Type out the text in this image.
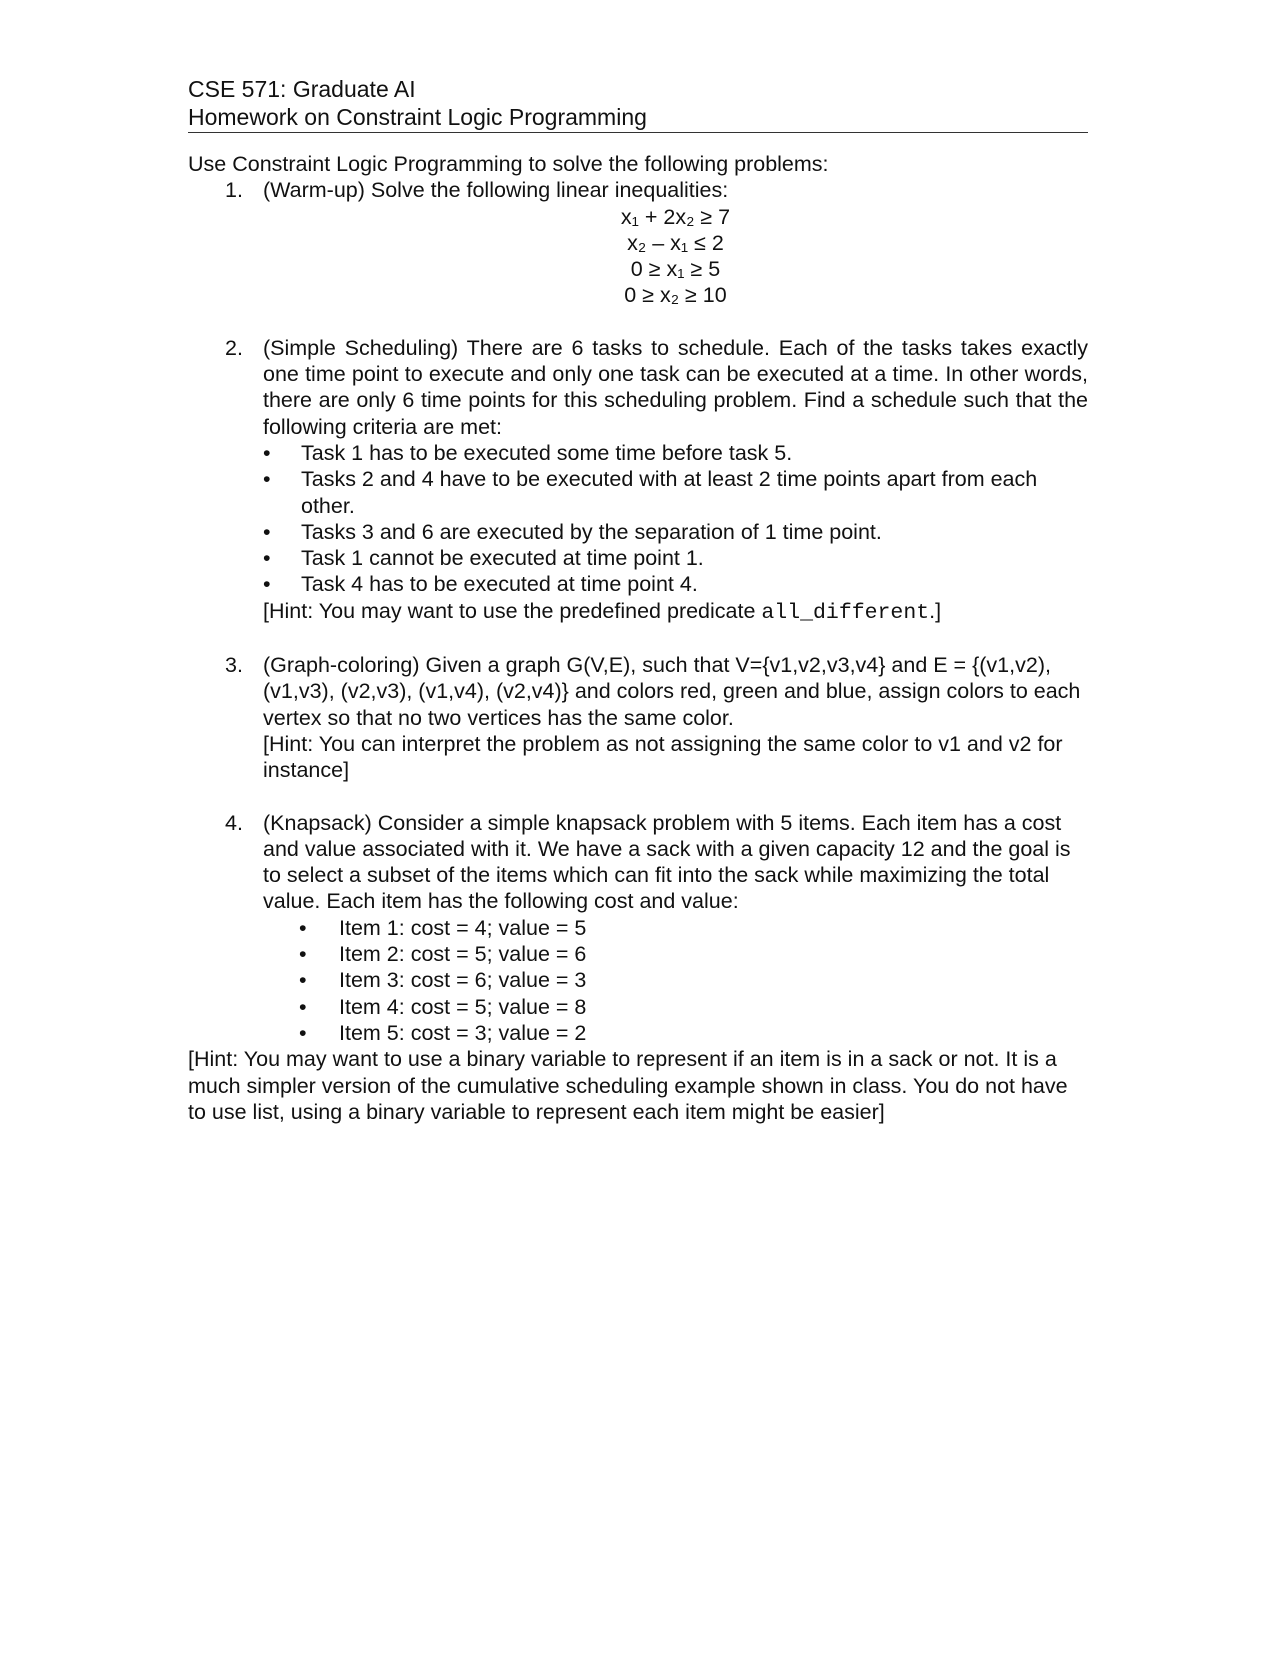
CSE 571: Graduate AI
Homework on Constraint Logic Programming
Use Constraint Logic Programming to solve the following problems:
1. (Warm-up) Solve the following linear inequalities:
x₁ + 2x₂ ≥ 7
x₂ – x₁ ≤ 2
0 ≥ x₁ ≥ 5
0 ≥ x₂ ≥ 10
2. (Simple Scheduling) There are 6 tasks to schedule. Each of the tasks takes exactly one time point to execute and only one task can be executed at a time. In other words, there are only 6 time points for this scheduling problem. Find a schedule such that the following criteria are met:
• Task 1 has to be executed some time before task 5.
• Tasks 2 and 4 have to be executed with at least 2 time points apart from each other.
• Tasks 3 and 6 are executed by the separation of 1 time point.
• Task 1 cannot be executed at time point 1.
• Task 4 has to be executed at time point 4.
[Hint: You may want to use the predefined predicate all_different.]
3. (Graph-coloring) Given a graph G(V,E), such that V={v1,v2,v3,v4} and E = {(v1,v2), (v1,v3), (v2,v3), (v1,v4), (v2,v4)} and colors red, green and blue, assign colors to each vertex so that no two vertices has the same color.
[Hint: You can interpret the problem as not assigning the same color to v1 and v2 for instance]
4. (Knapsack) Consider a simple knapsack problem with 5 items. Each item has a cost and value associated with it. We have a sack with a given capacity 12 and the goal is to select a subset of the items which can fit into the sack while maximizing the total value. Each item has the following cost and value:
• Item 1: cost = 4; value = 5
• Item 2: cost = 5; value = 6
• Item 3: cost = 6; value = 3
• Item 4: cost = 5; value = 8
• Item 5: cost = 3; value = 2
[Hint: You may want to use a binary variable to represent if an item is in a sack or not. It is a much simpler version of the cumulative scheduling example shown in class. You do not have to use list, using a binary variable to represent each item might be easier]
